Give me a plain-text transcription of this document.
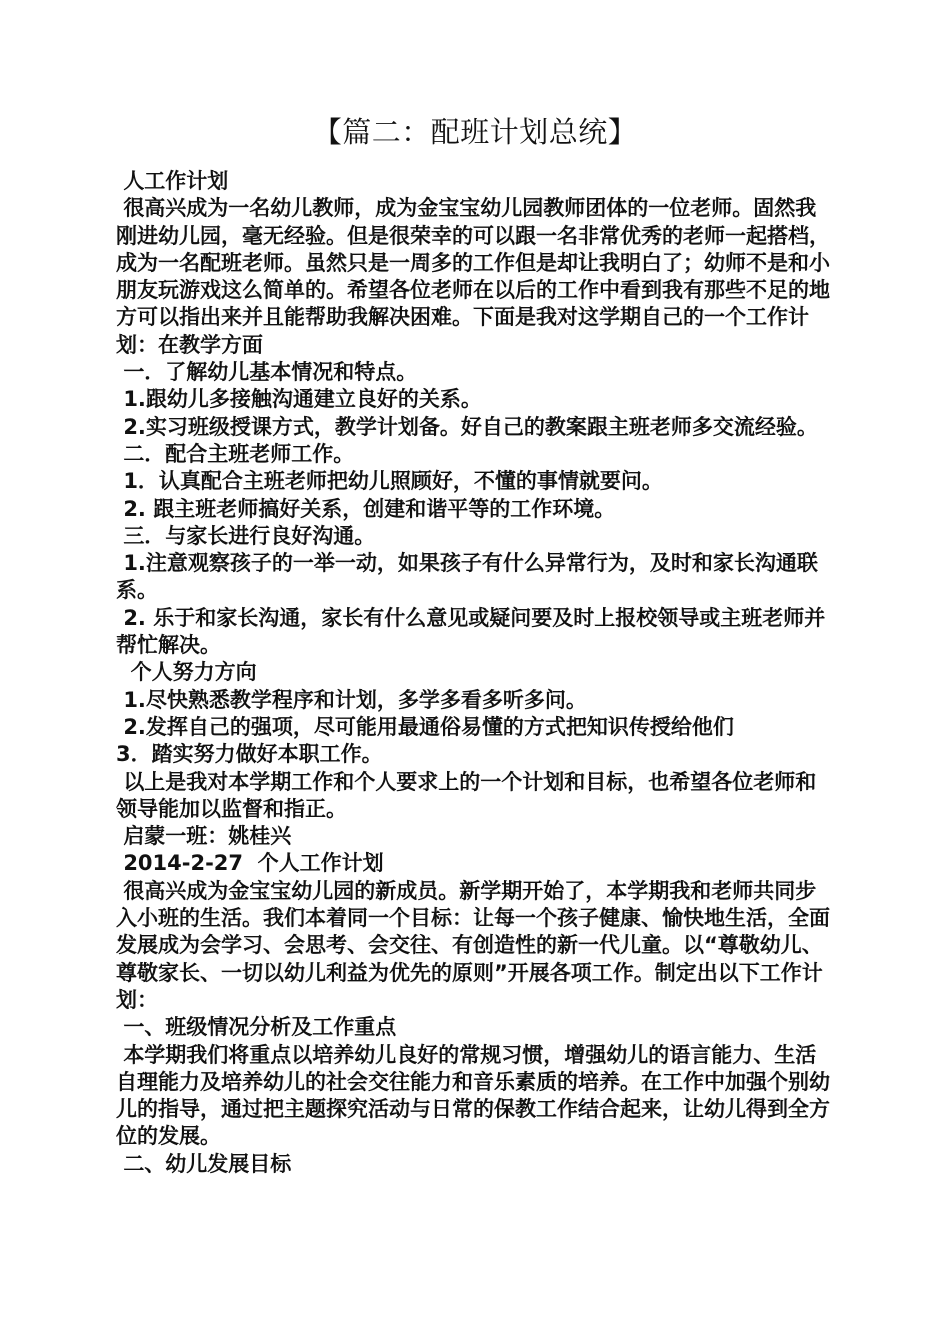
【篇二：配班计划总统】

人工作计划

很高兴成为一名幼儿教师，成为金宝宝幼儿园教师团体的一位老师。固然我刚进幼儿园，毫无经验。但是很荣幸的可以跟一名非常优秀的老师一起搭档，成为一名配班老师。虽然只是一周多的工作但是却让我明白了；幼师不是和小朋友玩游戏这么简单的。希望各位老师在以后的工作中看到我有那些不足的地方可以指出来并且能帮助我解决困难。下面是我对这学期自己的一个工作计划：在教学方面

一．了解幼儿基本情况和特点。

1.跟幼儿多接触沟通建立良好的关系。

2.实习班级授课方式，教学计划备。好自己的教案跟主班老师多交流经验。

二．配合主班老师工作。

1．认真配合主班老师把幼儿照顾好，不懂的事情就要问。

2. 跟主班老师搞好关系，创建和谐平等的工作环境。

三．与家长进行良好沟通。

1.注意观察孩子的一举一动，如果孩子有什么异常行为，及时和家长沟通联系。

2. 乐于和家长沟通，家长有什么意见或疑问要及时上报校领导或主班老师并帮忙解决。

个人努力方向

1.尽快熟悉教学程序和计划，多学多看多听多问。

2.发挥自己的强项，尽可能用最通俗易懂的方式把知识传授给他们

3．踏实努力做好本职工作。

以上是我对本学期工作和个人要求上的一个计划和目标，也希望各位老师和领导能加以监督和指正。

启蒙一班：姚桂兴

2014-2-27  个人工作计划

很高兴成为金宝宝幼儿园的新成员。新学期开始了，本学期我和老师共同步入小班的生活。我们本着同一个目标：让每一个孩子健康、愉快地生活，全面发展成为会学习、会思考、会交往、有创造性的新一代儿童。以“尊敬幼儿、尊敬家长、一切以幼儿利益为优先的原则”开展各项工作。制定出以下工作计划：

一、班级情况分析及工作重点

本学期我们将重点以培养幼儿良好的常规习惯，增强幼儿的语言能力、生活自理能力及培养幼儿的社会交往能力和音乐素质的培养。在工作中加强个别幼儿的指导，通过把主题探究活动与日常的保教工作结合起来，让幼儿得到全方位的发展。

二、幼儿发展目标
